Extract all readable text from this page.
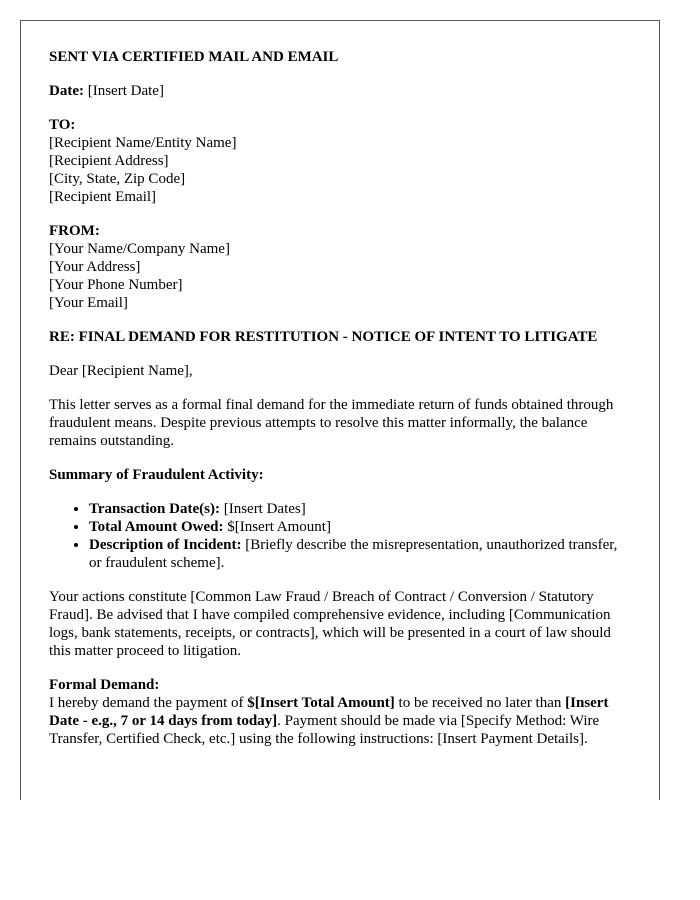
SENT VIA CERTIFIED MAIL AND EMAIL
Date: [Insert Date]
TO:
[Recipient Name/Entity Name]
[Recipient Address]
[City, State, Zip Code]
[Recipient Email]
FROM:
[Your Name/Company Name]
[Your Address]
[Your Phone Number]
[Your Email]
RE: FINAL DEMAND FOR RESTITUTION - NOTICE OF INTENT TO LITIGATE
Dear [Recipient Name],
This letter serves as a formal final demand for the immediate return of funds obtained through fraudulent means. Despite previous attempts to resolve this matter informally, the balance remains outstanding.
Summary of Fraudulent Activity:
• Transaction Date(s): [Insert Dates]
• Total Amount Owed: $[Insert Amount]
• Description of Incident: [Briefly describe the misrepresentation, unauthorized transfer, or fraudulent scheme].
Your actions constitute [Common Law Fraud / Breach of Contract / Conversion / Statutory Fraud]. Be advised that I have compiled comprehensive evidence, including [Communication logs, bank statements, receipts, or contracts], which will be presented in a court of law should this matter proceed to litigation.
Formal Demand:
I hereby demand the payment of $[Insert Total Amount] to be received no later than [Insert Date - e.g., 7 or 14 days from today]. Payment should be made via [Specify Method: Wire Transfer, Certified Check, etc.] using the following instructions: [Insert Payment Details].
